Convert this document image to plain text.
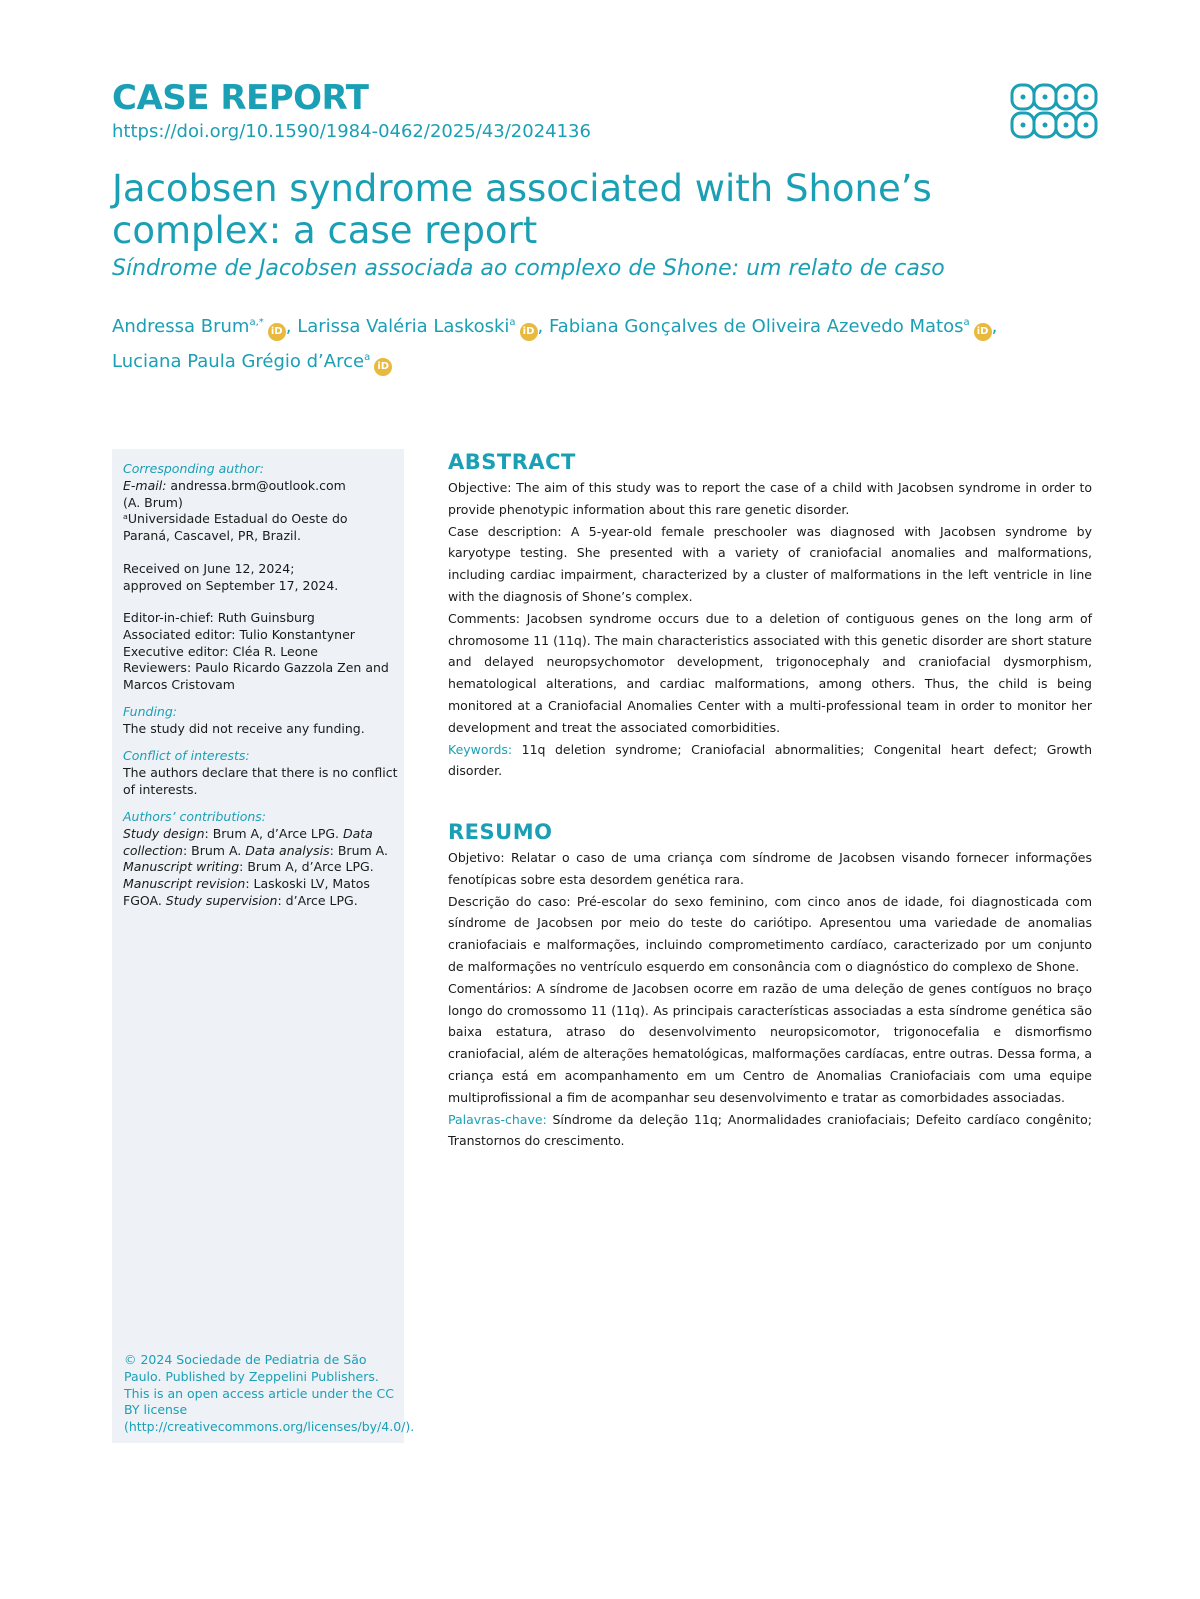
CASE REPORT
https://doi.org/10.1590/1984-0462/2025/43/2024136
Jacobsen syndrome associated with Shone’s complex: a case report
Síndrome de Jacobsen associada ao complexo de Shone: um relato de caso
Andressa Brum$^{a,*}$iD , Larissa Valéria Laskoski$^a$iD , Fabiana Gonçalves de Oliveira Azevedo Matos$^a$iD ,
Luciana Paula Grégio d’Arce$^a$iD
Corresponding author:
E-mail: andressa.brm@outlook.com
(A. Brum)
ᵃUniversidade Estadual do Oeste do Paraná, Cascavel, PR, Brazil.
Received on June 12, 2024;
approved on September 17, 2024.
Editor-in-chief: Ruth Guinsburg
Associated editor: Tulio Konstantyner
Executive editor: Cléa R. Leone
Reviewers: Paulo Ricardo Gazzola Zen and Marcos Cristovam
Funding:
The study did not receive any funding.
Conflict of interests:
The authors declare that there is no conflict of interests.
Authors’ contributions:
Study design: Brum A, d’Arce LPG. Data collection: Brum A. Data analysis: Brum A. Manuscript writing: Brum A, d’Arce LPG. Manuscript revision: Laskoski LV, Matos FGOA. Study supervision: d’Arce LPG.
© 2024 Sociedade de Pediatria de São Paulo. Published by Zeppelini Publishers. This is an open access article under the CC BY license (http://creativecommons.org/licenses/by/4.0/).
ABSTRACT

Objective: The aim of this study was to report the case of a child with Jacobsen syndrome in order to provide phenotypic information about this rare genetic disorder.

Case description: A 5-year-old female preschooler was diagnosed with Jacobsen syndrome by karyotype testing. She presented with a variety of craniofacial anomalies and malformations, including cardiac impairment, characterized by a cluster of malformations in the left ventricle in line with the diagnosis of Shone’s complex.

Comments: Jacobsen syndrome occurs due to a deletion of contiguous genes on the long arm of chromosome 11 (11q). The main characteristics associated with this genetic disorder are short stature and delayed neuropsychomotor development, trigonocephaly and craniofacial dysmorphism, hematological alterations, and cardiac malformations, among others. Thus, the child is being monitored at a Craniofacial Anomalies Center with a multi-professional team in order to monitor her development and treat the associated comorbidities.

Keywords: 11q deletion syndrome; Craniofacial abnormalities; Congenital heart defect; Growth disorder.

RESUMO

Objetivo: Relatar o caso de uma criança com síndrome de Jacobsen visando fornecer informações fenotípicas sobre esta desordem genética rara.

Descrição do caso: Pré-escolar do sexo feminino, com cinco anos de idade, foi diagnosticada com síndrome de Jacobsen por meio do teste do cariótipo. Apresentou uma variedade de anomalias craniofaciais e malformações, incluindo comprometimento cardíaco, caracterizado por um conjunto de malformações no ventrículo esquerdo em consonância com o diagnóstico do complexo de Shone.

Comentários: A síndrome de Jacobsen ocorre em razão de uma deleção de genes contíguos no braço longo do cromossomo 11 (11q). As principais características associadas a esta síndrome genética são baixa estatura, atraso do desenvolvimento neuropsicomotor, trigonocefalia e dismorfismo craniofacial, além de alterações hematológicas, malformações cardíacas, entre outras. Dessa forma, a criança está em acompanhamento em um Centro de Anomalias Craniofaciais com uma equipe multiprofissional a fim de acompanhar seu desenvolvimento e tratar as comorbidades associadas.

Palavras-chave: Síndrome da deleção 11q; Anormalidades craniofaciais; Defeito cardíaco congênito; Transtornos do crescimento.
